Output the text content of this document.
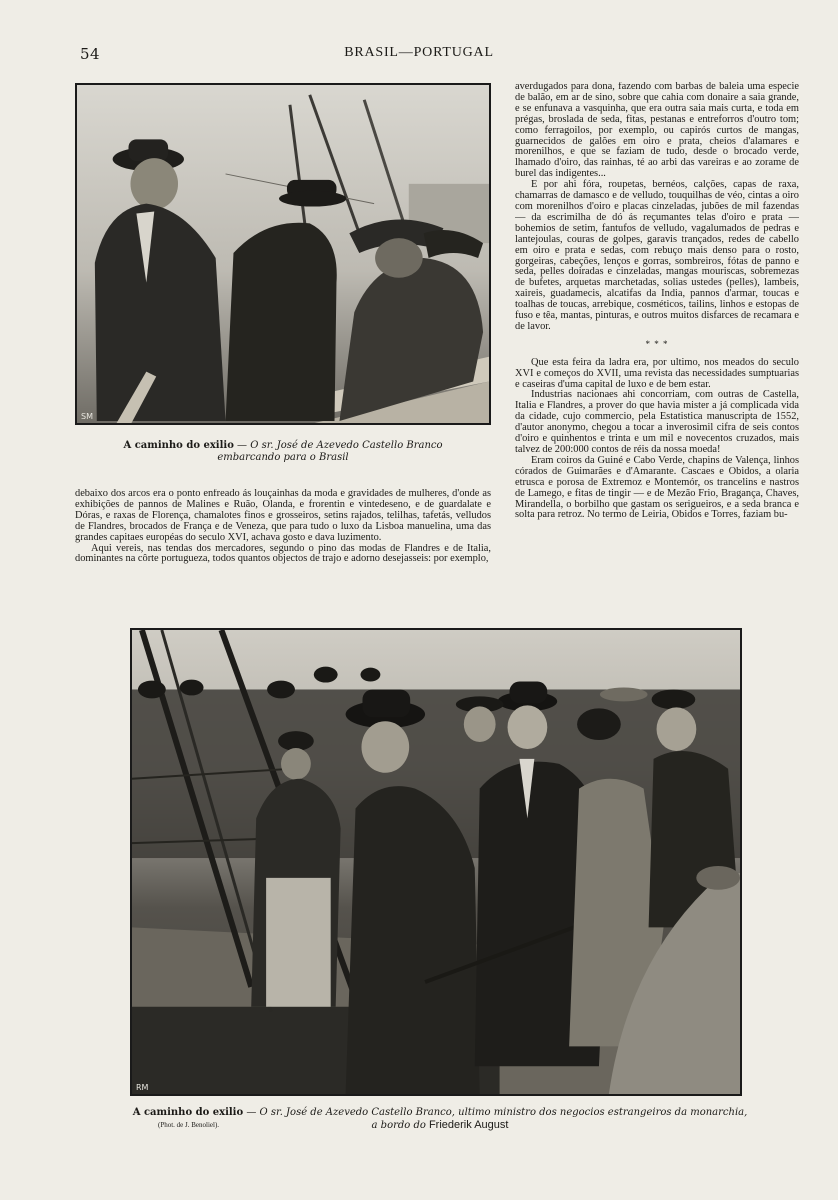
54	BRASIL—PORTUGAL
SM
A caminho do exilio — O sr. José de Azevedo Castello Branco
embarcando para o Brasil

debaixo dos arcos era o ponto enfreado ás louçainhas da moda e gravidades de mulheres, d'onde as exhibições de pannos de Malines e Ruão, Olanda, e frorentin e vintedeseno, e de guardalate e Dóras, e raxas de Florença, chamalotes finos e grosseiros, setins rajados, telilhas, tafetás, velludos de Flandres, brocados de França e de Veneza, que para tudo o luxo da Lisboa manuelina, uma das grandes capitaes européas do seculo XVI, achava gosto e dava luzimento.

Aqui vereis, nas tendas dos mercadores, segundo o pino das modas de Flandres e de Italia, dominantes na côrte portugueza, todos quantos objectos de trajo e adorno desejasseis: por exemplo,

averdugados para dona, fazendo com barbas de baleia uma especie de balão, em ar de sino, sobre que cahia com donaire a saia grande, e se enfunava a vasquinha, que era outra saia mais curta, e toda em prégas, broslada de seda, fitas, pestanas e entreforros d'outro tom; como ferragoilos, por exemplo, ou capirós curtos de mangas, guarnecidos de galões em oiro e prata, cheios d'alamares e morenilhos, e que se faziam de tudo, desde o brocado verde, lhamado d'oiro, das rainhas, té ao arbi das vareiras e ao zorame de burel das indigentes...

E por ahi fóra, roupetas, bernéos, calções, capas de raxa, chamarras de damasco e de velludo, touquilhas de véo, cintas a oiro com morenilhos d'oiro e placas cinzeladas, jubões de mil fazendas — da escrimilha de dó ás reçumantes telas d'oiro e prata — bohemios de setim, fantufos de velludo, vagalumados de pedras e lantejoulas, couras de golpes, garavis trançados, redes de cabello em oiro e prata e sedas, com rebuço mais denso para o rosto, gorgeiras, cabeções, lenços e gorras, sombreiros, fótas de panno e seda, pelles doiradas e cinzeladas, mangas mouriscas, sobremezas de bufetes, arquetas marchetadas, solias ustedes (pelles), lambeis, xaireis, guadamecis, alcatifas da India, pannos d'armar, toucas e toalhas de toucas, arrebique, cosméticos, tailins, linhos e estopas de fuso e têa, mantas, pinturas, e outros muitos disfarces de recamara e de lavor.

* * *

Que esta feira da ladra era, por ultimo, nos meados do seculo XVI e começos do XVII, uma revista das necessidades sumptuarias e caseiras d'uma capital de luxo e de bem estar.

Industrias nacionaes ahi concorriam, com outras de Castella, Italia e Flandres, a prover do que havia mister a já complicada vida da cidade, cujo commercio, pela Estatistica manuscripta de 1552, d'autor anonymo, chegou a tocar a inverosimil cifra de seis contos d'oiro e quinhentos e trinta e um mil e novecentos cruzados, mais talvez de 200:000 contos de réis da nossa moeda!

Eram coiros da Guiné e Cabo Verde, chapins de Valença, linhos córados de Guimarães e d'Amarante. Cascaes e Obidos, a olaria etrusca e porosa de Extremoz e Montemór, os trancelins e nastros de Lamego, e fitas de tingir — e de Mezão Frio, Bragança, Chaves, Mirandella, o borbilho que gastam os serigueiros, e a seda branca e solta para retroz. No termo de Leiria, Obidos e Torres, faziam bu-

RM
A caminho do exilio — O sr. José de Azevedo Castello Branco, ultimo ministro dos negocios estrangeiros da monarchia,
a bordo do Friederik August
(Phot. de J. Benoliel).
